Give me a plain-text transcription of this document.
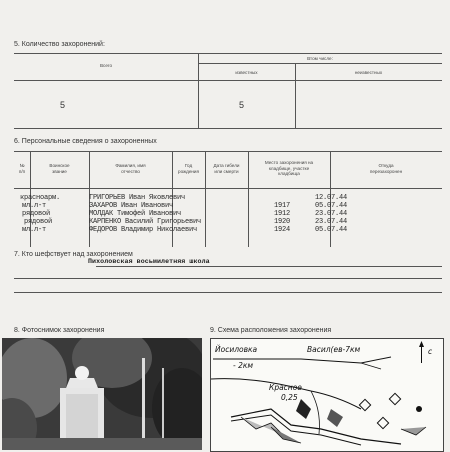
5. Количество захоронений:
Всего
Втом числе:
известных	неизвестных
5	5
6. Персональные сведения о захороненных
№
п/п
Воинское
звание
Фамилия, имя
отчество
Год
рождения
Дата гибели
или смерти
Место захоронения на
кладбище, участке
кладбища
Откуда
перезахоронен
красноарм.	ГРИГОРЬЕВ Иван Яковлевич	12.07.44
мл.л-т	ЗАХАРОВ Иван Иванович	1917	05.07.44
рядовой	МОЛДАК Тимофей Иванович	1912	23.07.44
рядовой	КАРПЕНКО Василий Григорьевич	1920	23.07.44
мл.л-т	ФЕДОРОВ Владимир Николаевич	1924	05.07.44
7. Кто шефствует над захоронением
Пихоловская восьмилетняя школа
8. Фотоснимок захоронения	9. Схема расположения захоронения
Йосиловка
- 2км
Васил(ев-7км
Красное
0,25
с
